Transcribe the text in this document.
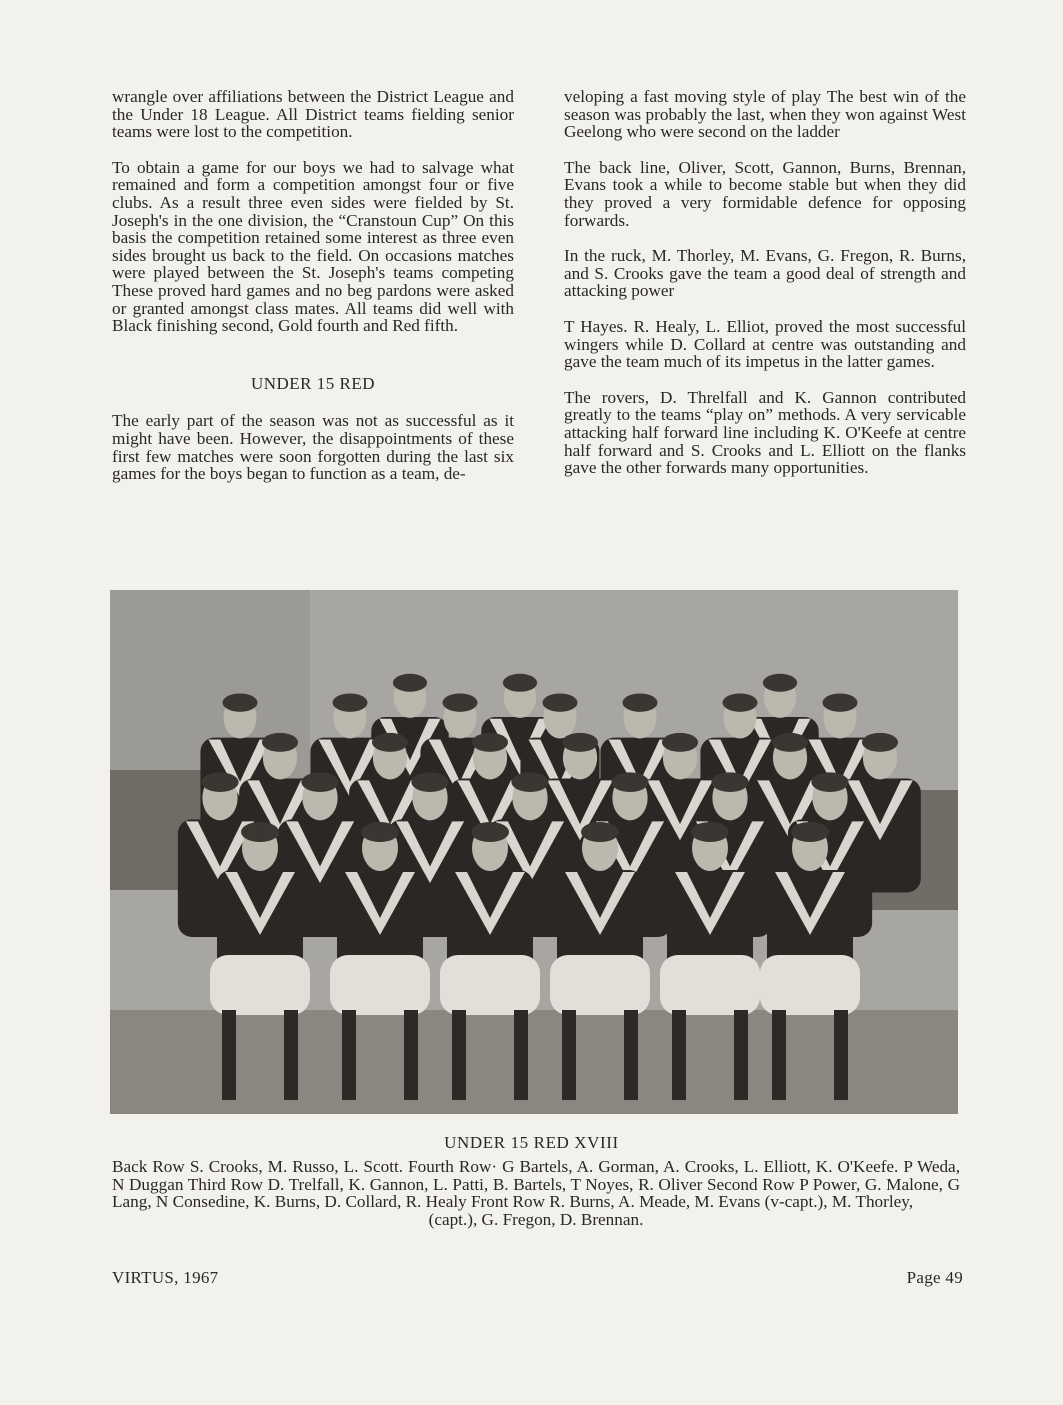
wrangle over affiliations between the District League and the Under 18 League. All District teams fielding senior teams were lost to the competition.

To obtain a game for our boys we had to salvage what remained and form a competition amongst four or five clubs. As a result three even sides were fielded by St. Joseph's in the one division, the “Cranstoun Cup” On this basis the competition retained some interest as three even sides brought us back to the field. On occasions matches were played between the St. Joseph's teams competing These proved hard games and no beg pardons were asked or granted amongst class mates. All teams did well with Black finishing second, Gold fourth and Red fifth.

UNDER 15 RED

The early part of the season was not as successful as it might have been. However, the disappointments of these first few matches were soon forgotten during the last six games for the boys began to function as a team, de-

veloping a fast moving style of play The best win of the season was probably the last, when they won against West Geelong who were second on the ladder

The back line, Oliver, Scott, Gannon, Burns, Brennan, Evans took a while to become stable but when they did they proved a very formidable defence for opposing forwards.

In the ruck, M. Thorley, M. Evans, G. Fregon, R. Burns, and S. Crooks gave the team a good deal of strength and attacking power

T Hayes. R. Healy, L. Elliot, proved the most successful wingers while D. Collard at centre was outstanding and gave the team much of its impetus in the latter games.

The rovers, D. Threlfall and K. Gannon contributed greatly to the teams “play on” methods. A very servicable attacking half forward line including K. O'Keefe at centre half forward and S. Crooks and L. Elliott on the flanks gave the other forwards many opportunities.

UNDER 15 RED XVIII
Back Row S. Crooks, M. Russo, L. Scott. Fourth Row· G Bartels, A. Gorman, A. Crooks, L. Elliott, K. O'Keefe. P Weda, N Duggan Third Row D. Trelfall, K. Gannon, L. Patti, B. Bartels, T Noyes, R. Oliver Second Row P Power, G. Malone, G Lang, N Consedine, K. Burns, D. Collard, R. Healy Front Row R. Burns, A. Meade, M. Evans (v-capt.), M. Thorley,
(capt.), G. Fregon, D. Brennan.
VIRTUS, 1967	Page 49
